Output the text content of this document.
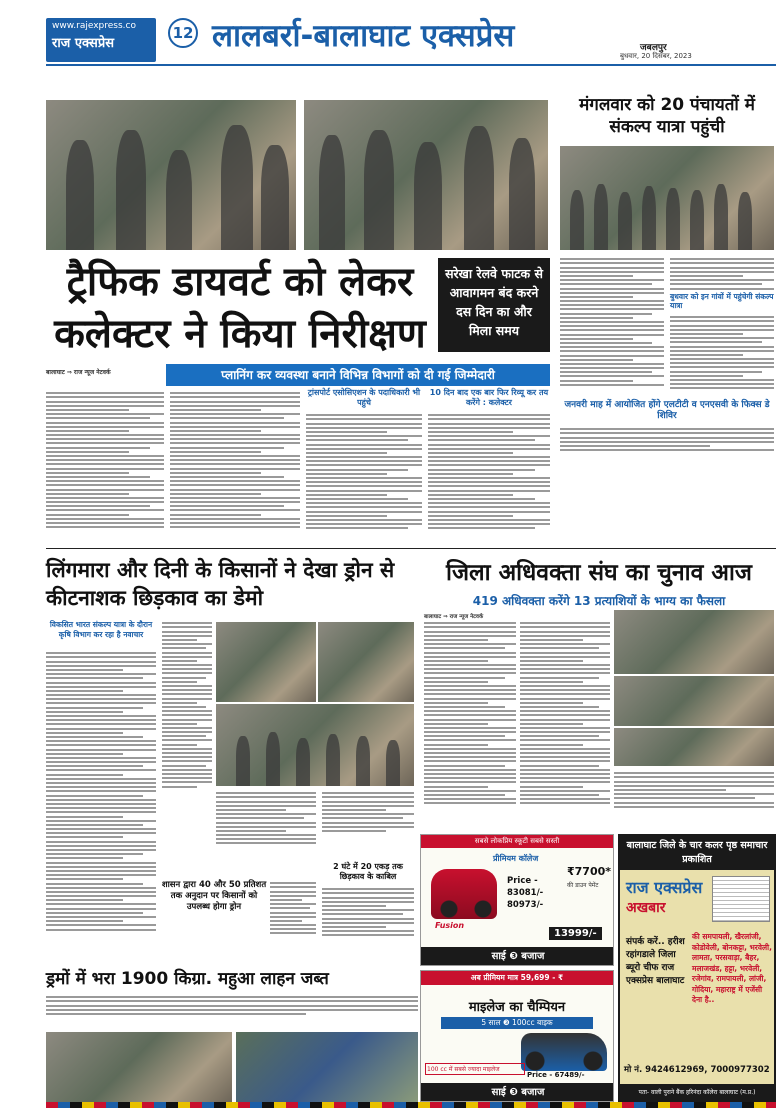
www.rajexpress.co
राज एक्सप्रेस
12 लालबर्रा-बालाघाट एक्सप्रेस	जबलपुर
बुधवार, 20 दिसंबर, 2023
ट्रैफिक डायवर्ट को लेकर कलेक्टर ने किया निरीक्षण
सरेखा रेलवे फाटक से आवागमन बंद करने दस दिन का और मिला समय
बालाघाट ⇒ राज न्यूज नेटवर्क	प्लानिंग कर व्यवस्था बनाने विभिन्न विभागों को दी गई जिम्मेदारी
ट्रांसपोर्ट एसोसिएशन के पदाधिकारी भी पहुंचे
10 दिन बाद एक बार फिर रिव्यू कर तय करेंगे : कलेक्टर
मंगलवार को 20 पंचायतों में संकल्प यात्रा पहुंची
बुधवार को इन गांवों में पहुंचेगी संकल्प यात्रा
जनवरी माह में आयोजित होंगे एलटीटी व एनएसवी के फिक्स डे शिविर
लिंगमारा और दिनी के किसानों ने देखा ड्रोन से कीटनाशक छिड़काव का डेमो
विकसित भारत संकल्प यात्रा के दौरान कृषि विभाग कर रहा है नवाचार
शासन द्वारा 40 और 50 प्रतिशत तक अनुदान पर किसानों को उपलब्ध होगा ड्रोन
2 घंटे में 20 एकड़ तक छिड़काव के काबिल
जिला अधिवक्ता संघ का चुनाव आज
419 अधिवक्ता करेंगे 13 प्रत्याशियों के भाग्य का फैसला
बालाघाट ⇒ राज न्यूज नेटवर्क
सबसे लोकप्रिय स्कूटी सबसे सस्ती
प्रीमियम कॉलेज
Fusion
Price - 83081/- 80973/-
₹7700*
की डाउन पेमेंट
13999/-
साई ❸ बजाज
अब प्रीमियम मात्र 59,699 - ₹
माइलेज का चैम्पियन
5 साल ❸ 100cc बाइक
100 cc में सबसे ज्यादा माइलेज
Price - 67489/-
साई ❸ बजाज
बालाघाट जिले के चार कलर पृष्ठ समाचार प्रकाशित
राज एक्सप्रेस
अखबार
संपर्क करें.. हरीश रहांगडाले जिला ब्यूरो चीफ राज एक्सप्रेस बालाघाट
की समपायली, खैरलांजी, कोडोवेली, बोनकट्टा, भरवेली, लामता, परसवाड़ा, बैहर, मलाजखंड, हट्टा, भरवेली, रजेगांव, रामपायली, लांजी, गोदिया, महाराष्ट्र में एजेंसी देना है..
मो नं. 9424612969, 7000977302
पता- वाली पुराने बैंक हरिनंदा कॉलेरा बालाघाट (म.प्र.)
ड्रमों में भरा 1900 किग्रा. महुआ लाहन जब्त
